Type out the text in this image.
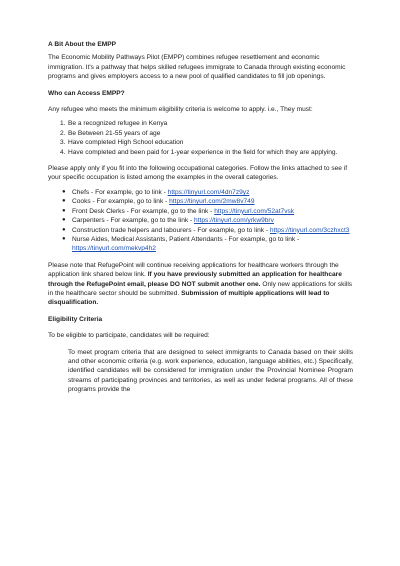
A Bit About the EMPP

The Economic Mobility Pathways Pilot (EMPP) combines refugee resettlement and economic immigration. It's a pathway that helps skilled refugees immigrate to Canada through existing economic programs and gives employers access to a new pool of qualified candidates to fill job openings.

Who can Access EMPP?

Any refugee who meets the minimum eligibility criteria is welcome to apply. i.e., They must:

1. Be a recognized refugee in Kenya
2. Be Between 21-55 years of age
3. Have completed High School education
4. Have completed and been paid for 1-year experience in the field for which they are applying.

Please apply only if you fit into the following occupational categories. Follow the links attached to see if your specific occupation is listed among the examples in the overall categories.

● Chefs - For example, go to link - https://tinyurl.com/4dn7z9yz
● Cooks - For example, go to link - https://tinyurl.com/2mw8v749
● Front Desk Clerks - For example, go to the link - https://tinyurl.com/52at7vsk
● Carpenters - For example, go to the link - https://tinyurl.com/yrkw9brv
● Construction trade helpers and labourers - For example, go to link - https://tinyurl.com/3czhxct3
● Nurse Aides, Medical Assistants, Patient Attendants - For example, go to link - https://tinyurl.com/mekvp4h2

Please note that RefugePoint will continue receiving applications for healthcare workers through the application link shared below link. If you have previously submitted an application for healthcare through the RefugePoint email, please DO NOT submit another one. Only new applications for skills in the healthcare sector should be submitted. Submission of multiple applications will lead to disqualification.

Eligibility Criteria

To be eligible to participate, candidates will be required:

To meet program criteria that are designed to select immigrants to Canada based on their skills and other economic criteria (e.g. work experience, education, language abilities, etc.) Specifically, identified candidates will be considered for immigration under the Provincial Nominee Program streams of participating provinces and territories, as well as under federal programs. All of these programs provide the
